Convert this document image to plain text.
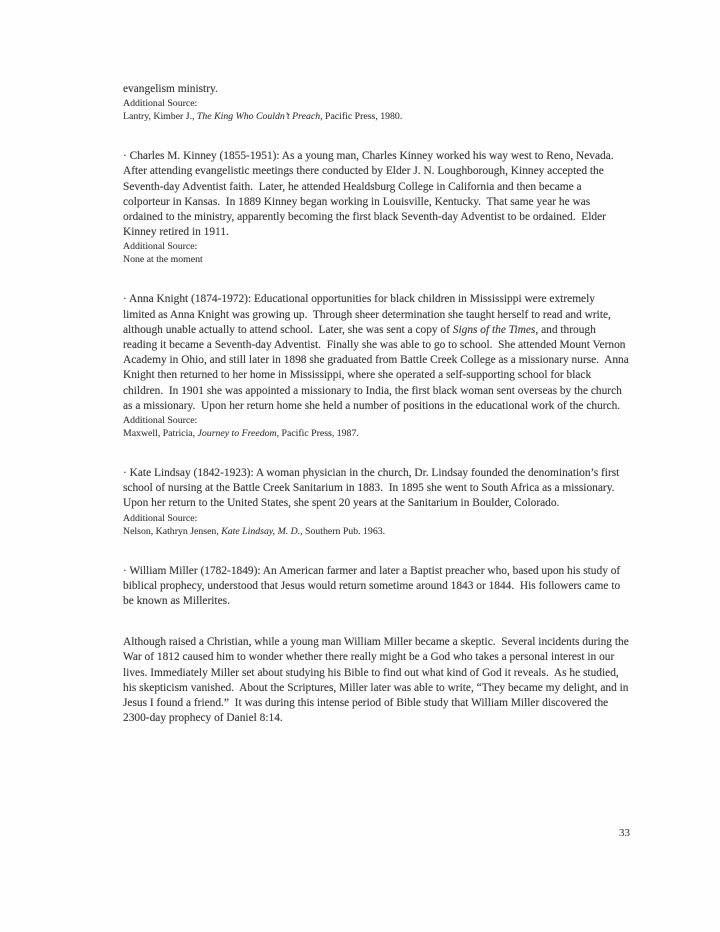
evangelism ministry.

Additional Source:

Lantry, Kimber J., The King Who Couldn’t Preach, Pacific Press, 1980.

· Charles M. Kinney (1855-1951): As a young man, Charles Kinney worked his way west to Reno, Nevada.  After attending evangelistic meetings there conducted by Elder J. N. Loughborough, Kinney accepted the Seventh-day Adventist faith.  Later, he attended Healdsburg College in California and then became a colporteur in Kansas.  In 1889 Kinney began working in Louisville, Kentucky.  That same year he was ordained to the ministry, apparently becoming the first black Seventh-day Adventist to be ordained.  Elder Kinney retired in 1911.

Additional Source:

None at the moment

· Anna Knight (1874-1972): Educational opportunities for black children in Mississippi were extremely limited as Anna Knight was growing up.  Through sheer determination she taught herself to read and write, although unable actually to attend school.  Later, she was sent a copy of Signs of the Times, and through reading it became a Seventh-day Adventist.  Finally she was able to go to school.  She attended Mount Vernon Academy in Ohio, and still later in 1898 she graduated from Battle Creek College as a missionary nurse.  Anna Knight then returned to her home in Mississippi, where she operated a self-supporting school for black children.  In 1901 she was appointed a missionary to India, the first black woman sent overseas by the church as a missionary.  Upon her return home she held a number of positions in the educational work of the church.

Additional Source:

Maxwell, Patricia, Journey to Freedom, Pacific Press, 1987.

· Kate Lindsay (1842-1923): A woman physician in the church, Dr. Lindsay founded the denomination’s first school of nursing at the Battle Creek Sanitarium in 1883.  In 1895 she went to South Africa as a missionary.  Upon her return to the United States, she spent 20 years at the Sanitarium in Boulder, Colorado.

Additional Source:

Nelson, Kathryn Jensen, Kate Lindsay, M. D., Southern Pub. 1963.

· William Miller (1782-1849): An American farmer and later a Baptist preacher who, based upon his study of biblical prophecy, understood that Jesus would return sometime around 1843 or 1844.  His followers came to be known as Millerites.

Although raised a Christian, while a young man William Miller became a skeptic.  Several incidents during the War of 1812 caused him to wonder whether there really might be a God who takes a personal interest in our lives. Immediately Miller set about studying his Bible to find out what kind of God it reveals.  As he studied, his skepticism vanished.  About the Scriptures, Miller later was able to write, “They became my delight, and in Jesus I found a friend.”  It was during this intense period of Bible study that William Miller discovered the 2300-day prophecy of Daniel 8:14.

33
